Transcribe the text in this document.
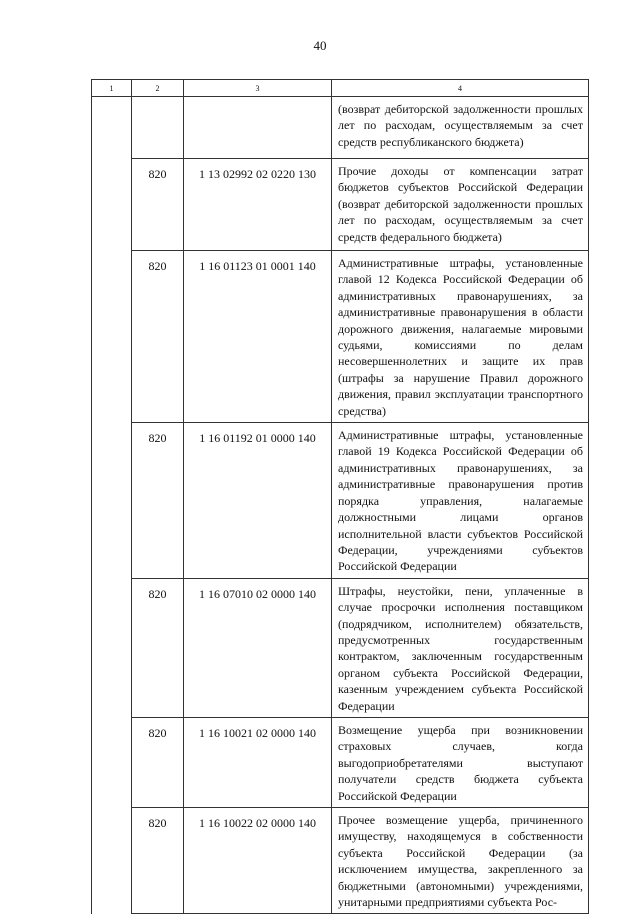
40
1	2	3	4
			(возврат дебиторской задолженности прошлых лет по расходам, осуществляемым за счет средств республиканского бюджета)
	820	1 13 02992 02 0220 130	Прочие доходы от компенсации затрат бюджетов субъектов Российской Федерации (возврат дебиторской задолженности прошлых лет по расходам, осуществляемым за счет средств федерального бюджета)
	820	1 16 01123 01 0001 140	Административные штрафы, установленные главой 12 Кодекса Российской Федерации об административных правонарушениях, за административные правонарушения в области дорожного движения, налагаемые мировыми судьями, комиссиями по делам несовершеннолетних и защите их прав (штрафы за нарушение Правил дорожного движения, правил эксплуатации транспортного средства)
	820	1 16 01192 01 0000 140	Административные штрафы, установленные главой 19 Кодекса Российской Федерации об административных правонарушениях, за административные правонарушения против порядка управления, налагаемые должностными лицами органов исполнительной власти субъектов Российской Федерации, учреждениями субъектов Российской Федерации
	820	1 16 07010 02 0000 140	Штрафы, неустойки, пени, уплаченные в случае просрочки исполнения поставщиком (подрядчиком, исполнителем) обязательств, предусмотренных государственным контрактом, заключенным государственным органом субъекта Российской Федерации, казенным учреждением субъекта Российской Федерации
	820	1 16 10021 02 0000 140	Возмещение ущерба при возникновении страховых случаев, когда выгодоприобретателями выступают получатели средств бюджета субъекта Российской Федерации
	820	1 16 10022 02 0000 140	Прочее возмещение ущерба, причиненного имуществу, находящемуся в собственности субъекта Российской Федерации (за исключением имущества, закрепленного за бюджетными (автономными) учреждениями, унитарными предприятиями субъекта Рос-
